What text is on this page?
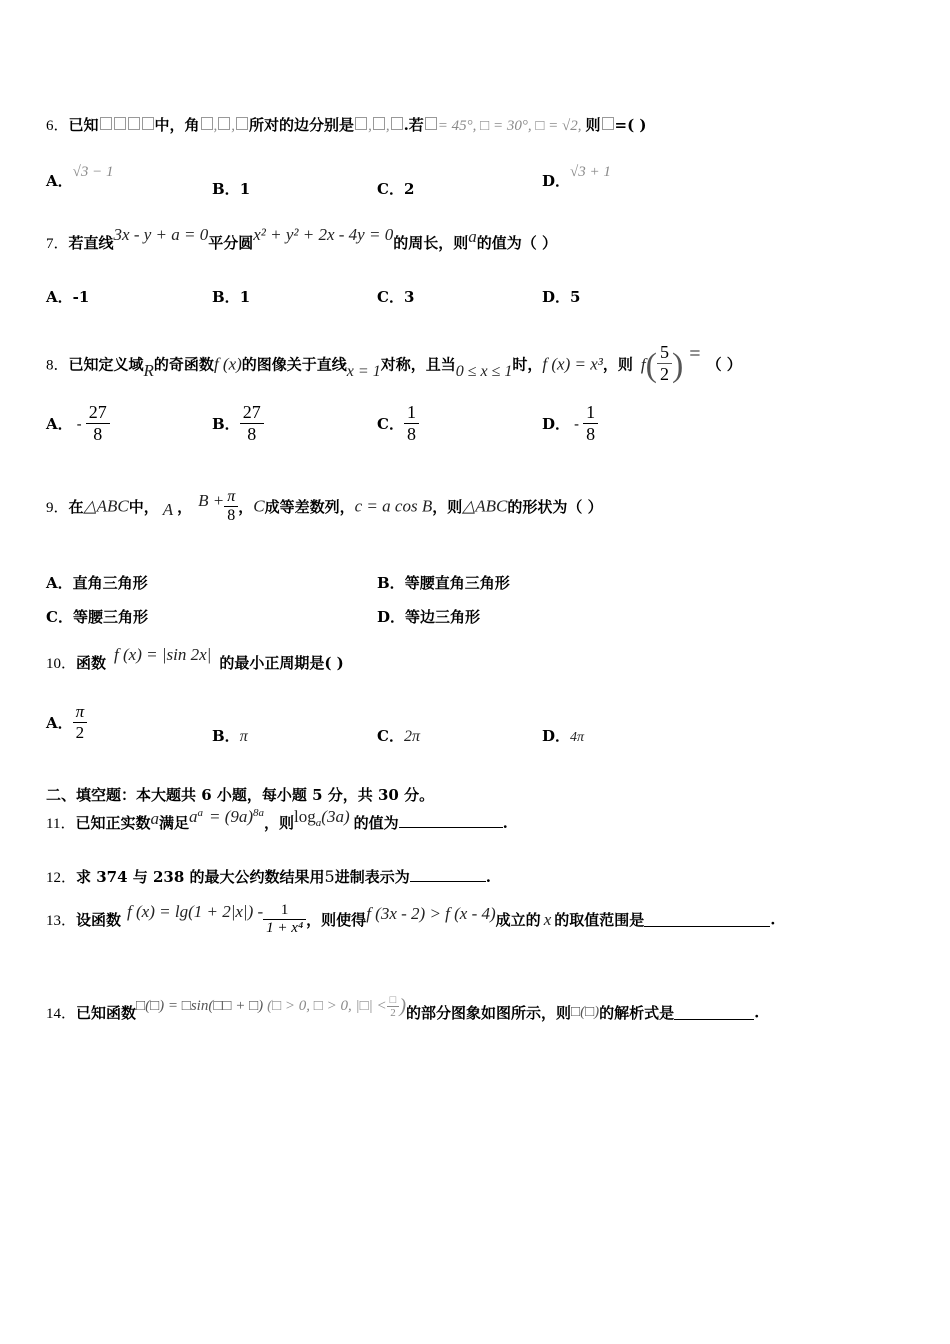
6．已知	中，角 , , 所对的边分别是 , , .若 = 45°, □ = 30°, □ = √2, 则 =( )
A．√3 − 1
B．1	C．2	D．√3 + 1
7．若直线3x - y + a = 0平分圆x² + y² + 2x - 4y = 0的周长，则a的值为（ ）
A．-1	B．1	C．3	D．5
8．已知定义域R的奇函数f (x)的图像关于直线x = 1对称，且当0 ≤ x ≤ 1时，f (x) = x³，则 $f( \frac{5}{2}$ ) = （ ）
A． - $\frac{27}{8}$	B． $\frac{27}{8}$	C． $\frac{1}{8}$	D． - $\frac{1}{8}$
9．在△ABC中， A ， $B + \frac{\pi}{8}$ ，C成等差数列，c = a cos B，则△ABC的形状为（ ）
A．直角三角形	B．等腰直角三角形
C．等腰三角形	D．等边三角形
10．函数 f (x) = |sin 2x| 的最小正周期是( )
A． $\frac{\pi}{2}$	B．π	C．2π	D．4π
二、填空题：本大题共 6 小题，每小题 5 分，共 30 分。
11．已知正实数a满足$a^a = (9a)^{8a}$，则$\log_a(3a)$ 的值为	.
12．求 374 与 238 的最大公约数结果用5进制表示为	.
13．设函数 f $(x) = \lg(1 + 2|x|) - \frac{1}{\text{1 + x⁴}}$ ，则使得f (3x - 2) > f (x - 4)成立的 x 的取值范围是	.
14．已知函数□(□) = □sin(□□ + □) (□ > 0, □ > 0, |□| < $\frac{□}{2}$ )的部分图象如图所示，则□(□)的解析式是	.
